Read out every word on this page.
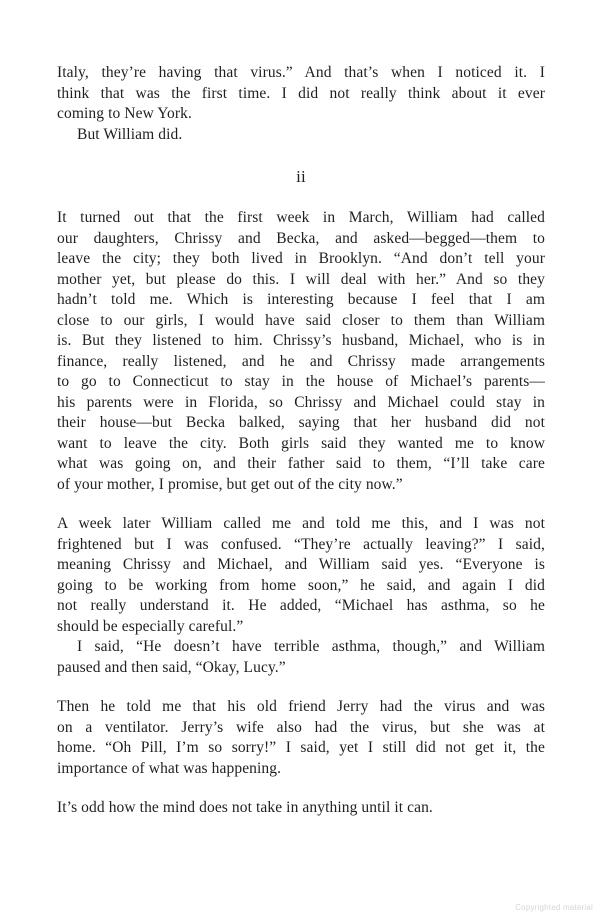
Italy, they’re having that virus.” And that’s when I noticed it. I
think that was the first time. I did not really think about it ever
coming to New York.
But William did.
ii
It turned out that the first week in March, William had called
our daughters, Chrissy and Becka, and asked—begged—them to
leave the city; they both lived in Brooklyn. “And don’t tell your
mother yet, but please do this. I will deal with her.” And so they
hadn’t told me. Which is interesting because I feel that I am
close to our girls, I would have said closer to them than William
is. But they listened to him. Chrissy’s husband, Michael, who is in
finance, really listened, and he and Chrissy made arrangements
to go to Connecticut to stay in the house of Michael’s parents—
his parents were in Florida, so Chrissy and Michael could stay in
their house—but Becka balked, saying that her husband did not
want to leave the city. Both girls said they wanted me to know
what was going on, and their father said to them, “I’ll take care
of your mother, I promise, but get out of the city now.”
A week later William called me and told me this, and I was not
frightened but I was confused. “They’re actually leaving?” I said,
meaning Chrissy and Michael, and William said yes. “Everyone is
going to be working from home soon,” he said, and again I did
not really understand it. He added, “Michael has asthma, so he
should be especially careful.”
I said, “He doesn’t have terrible asthma, though,” and William
paused and then said, “Okay, Lucy.”
Then he told me that his old friend Jerry had the virus and was
on a ventilator. Jerry’s wife also had the virus, but she was at
home. “Oh Pill, I’m so sorry!” I said, yet I still did not get it, the
importance of what was happening.
It’s odd how the mind does not take in anything until it can.
Copyrighted material
